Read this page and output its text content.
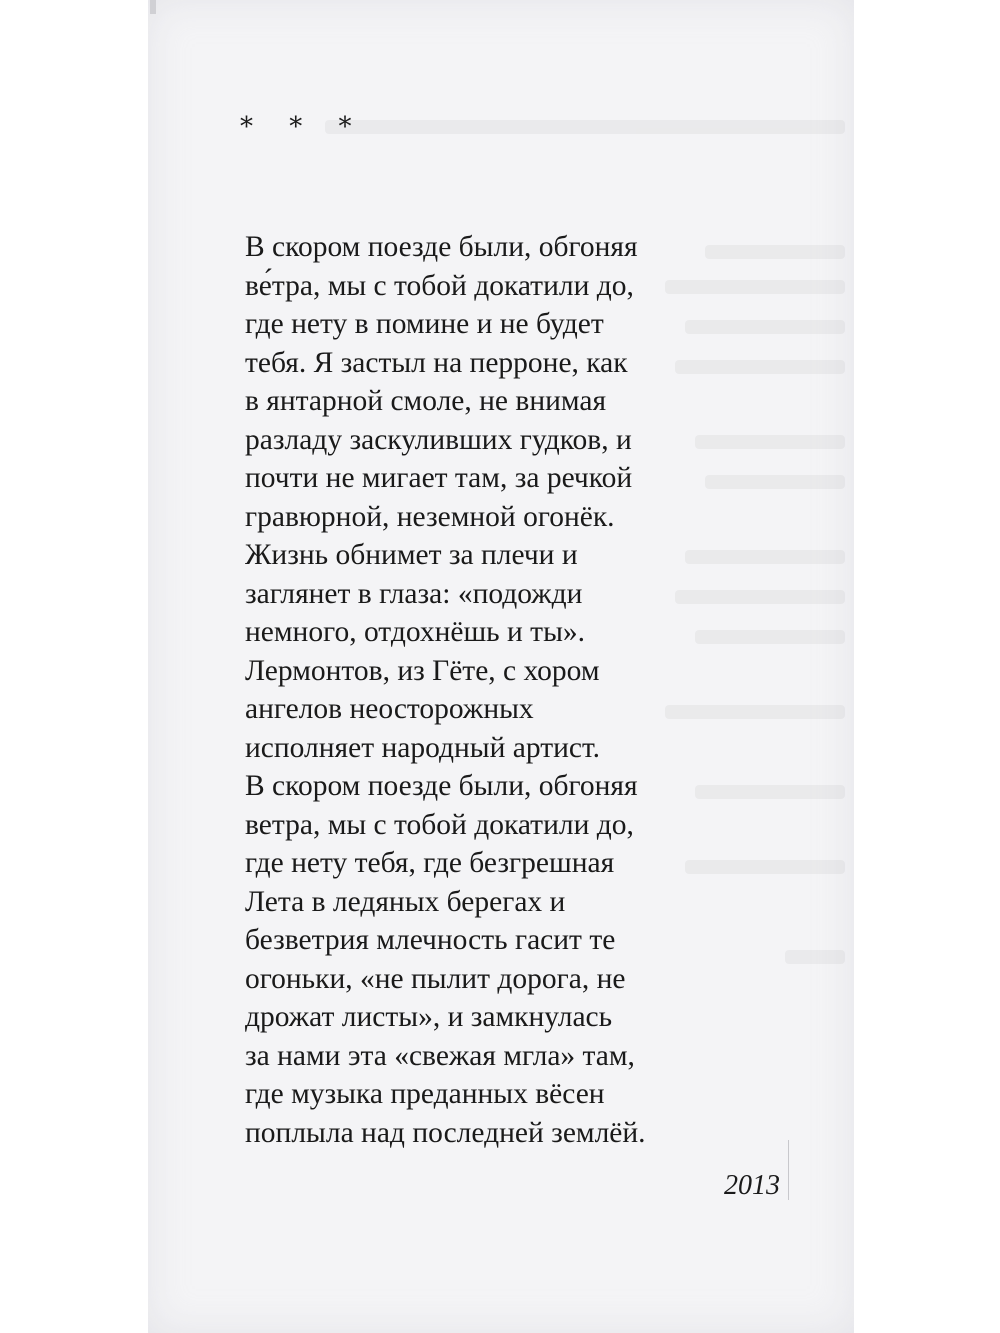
* * *
В скором поезде были, обгоняя
ве́тра, мы с тобой докатили до,
где нету в помине и не будет
тебя. Я застыл на перроне, как
в янтарной смоле, не внимая
разладу заскуливших гудков, и
почти не мигает там, за речкой
гравюрной, неземной огонёк.
Жизнь обнимет за плечи и
заглянет в глаза: «подожди
немного, отдохнёшь и ты».
Лермонтов, из Гёте, с хором
ангелов неосторожных
исполняет народный артист.
В скором поезде были, обгоняя
ветра, мы с тобой докатили до,
где нету тебя, где безгрешная
Лета в ледяных берегах и
безветрия млечность гасит те
огоньки, «не пылит дорога, не
дрожат листы», и замкнулась
за нами эта «свежая мгла» там,
где музыка преданных вёсен
поплыла над последней землёй.
2013
